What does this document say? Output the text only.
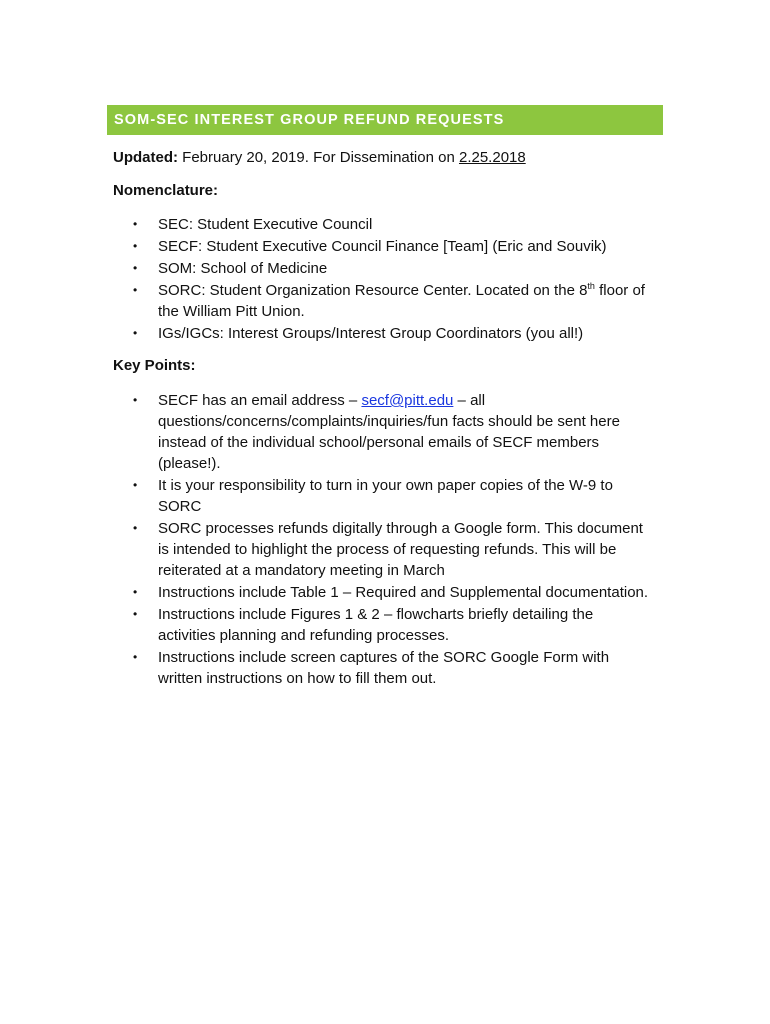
SOM-SEC INTEREST GROUP REFUND REQUESTS
Updated: February 20, 2019. For Dissemination on 2.25.2018
Nomenclature:
• SEC: Student Executive Council
• SECF: Student Executive Council Finance [Team] (Eric and Souvik)
• SOM: School of Medicine
• SORC: Student Organization Resource Center. Located on the 8th floor of
the William Pitt Union.
• IGs/IGCs: Interest Groups/Interest Group Coordinators (you all!)
Key Points:
• SECF has an email address – secf@pitt.edu – all
questions/concerns/complaints/inquiries/fun facts should be sent here
instead of the individual school/personal emails of SECF members
(please!).
• It is your responsibility to turn in your own paper copies of the W-9 to
SORC
• SORC processes refunds digitally through a Google form. This document
is intended to highlight the process of requesting refunds. This will be
reiterated at a mandatory meeting in March
• Instructions include Table 1 – Required and Supplemental documentation.
• Instructions include Figures 1 & 2 – flowcharts briefly detailing the
activities planning and refunding processes.
• Instructions include screen captures of the SORC Google Form with
written instructions on how to fill them out.
